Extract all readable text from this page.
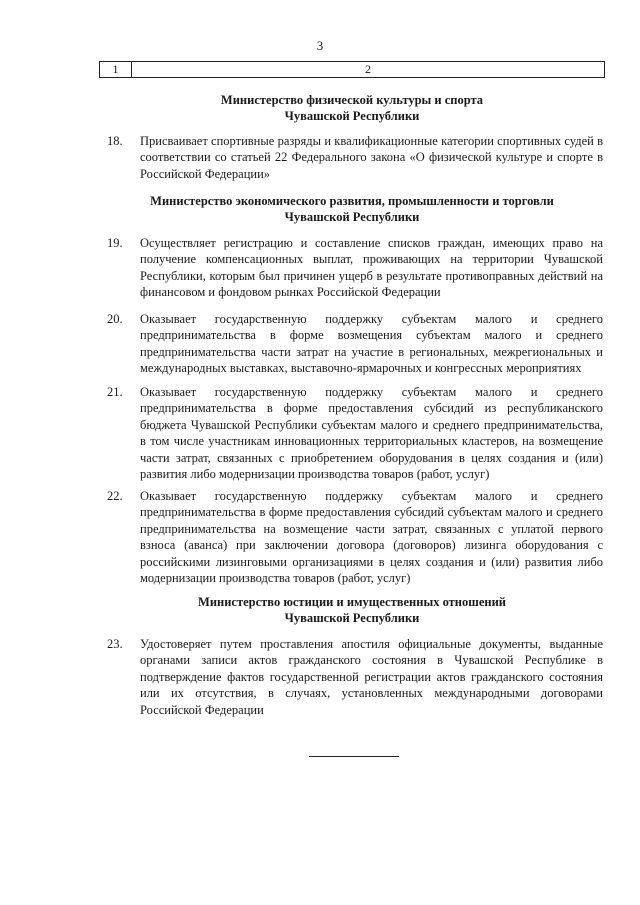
3
1	2
Министерство физической культуры и спорта
Чувашской Республики
18. Присваивает спортивные разряды и квалификационные категории спортивных судей в соответствии со статьей 22 Федерального закона «О физической культуре и спорте в Российской Федерации»
Министерство экономического развития, промышленности и торговли
Чувашской Республики
19. Осуществляет регистрацию и составление списков граждан, имеющих право на получение компенсационных выплат, проживающих на территории Чувашской Республики, которым был причинен ущерб в результате противоправных действий на финансовом и фондовом рынках Российской Федерации
20. Оказывает государственную поддержку субъектам малого и среднего предпринимательства в форме возмещения субъектам малого и среднего предпринимательства части затрат на участие в региональных, межрегиональных и международных выставках, выставочно-ярмарочных и конгрессных мероприятиях
21. Оказывает государственную поддержку субъектам малого и среднего предпринимательства в форме предоставления субсидий из республиканского бюджета Чувашской Республики субъектам малого и среднего предпринимательства, в том числе участникам инновационных территориальных кластеров, на возмещение части затрат, связанных с приобретением оборудования в целях создания и (или) развития либо модернизации производства товаров (работ, услуг)
22. Оказывает государственную поддержку субъектам малого и среднего предпринимательства в форме предоставления субсидий субъектам малого и среднего предпринимательства на возмещение части затрат, связанных с уплатой первого взноса (аванса) при заключении договора (договоров) лизинга оборудования с российскими лизинговыми организациями в целях создания и (или) развития либо модернизации производства товаров (работ, услуг)
Министерство юстиции и имущественных отношений
Чувашской Республики
23. Удостоверяет путем проставления апостиля официальные документы, выданные органами записи актов гражданского состояния в Чувашской Республике в подтверждение фактов государственной регистрации актов гражданского состояния или их отсутствия, в случаях, установленных международными договорами Российской Федерации
